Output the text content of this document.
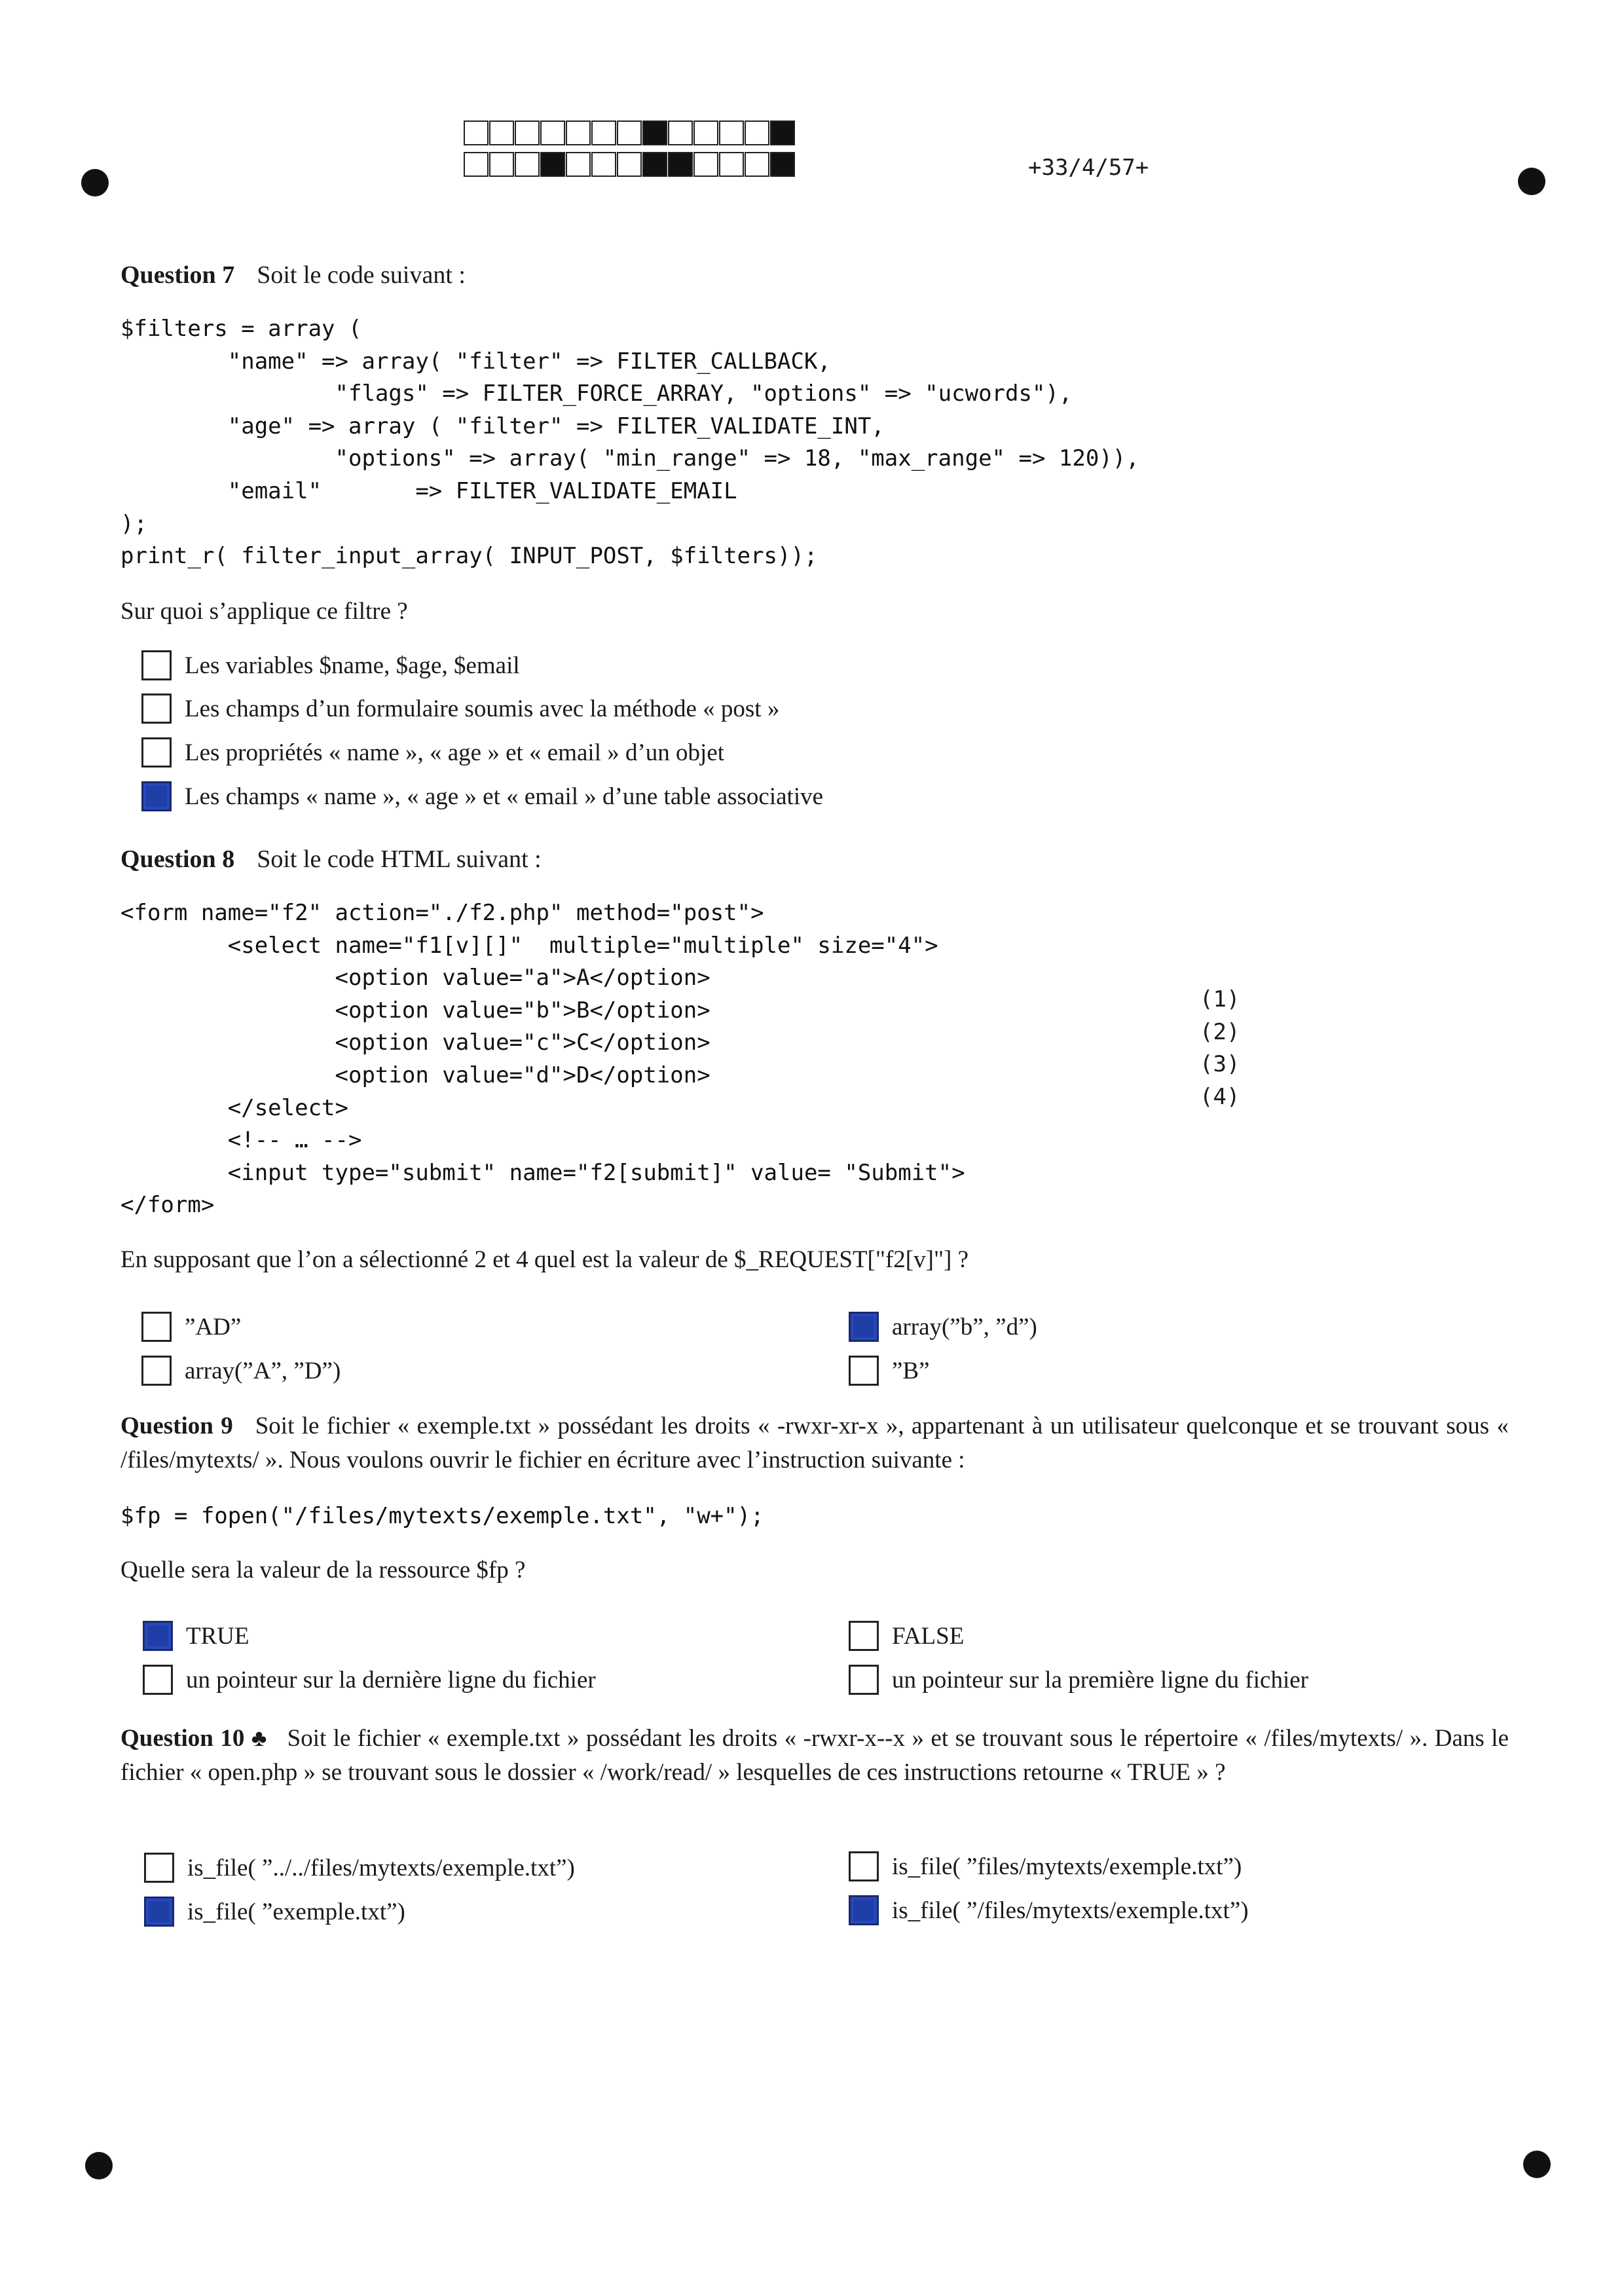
+33/4/57+
Question 7 Soit le code suivant :
$filters = array (
"name" => array( "filter" => FILTER_CALLBACK,
"flags" => FILTER_FORCE_ARRAY, "options" => "ucwords"),
"age" => array ( "filter" => FILTER_VALIDATE_INT,
"options" => array( "min_range" => 18, "max_range" => 120)),
"email"       => FILTER_VALIDATE_EMAIL
);
print_r( filter_input_array( INPUT_POST, $filters));
Sur quoi s’applique ce filtre ?
Les variables $name, $age, $email
Les champs d’un formulaire soumis avec la méthode « post »
Les propriétés « name », « age » et « email » d’un objet
Les champs « name », « age » et « email » d’une table associative
Question 8 Soit le code HTML suivant :
<form name="f2" action="./f2.php" method="post">
<select name="f1[v][]"  multiple="multiple" size="4">
<option value="a">A</option>
<option value="b">B</option>
<option value="c">C</option>
<option value="d">D</option>
</select>
<!-- … -->
<input type="submit" name="f2[submit]" value= "Submit">
</form>
(1)
(2)
(3)
(4)
En supposant que l’on a sélectionné 2 et 4 quel est la valeur de $_REQUEST["f2[v]"] ?
”AD”
array(”A”, ”D”)
array(”b”, ”d”)
”B”
Question 9 Soit le fichier « exemple.txt » possédant les droits « -rwxr-xr-x », appartenant à un utilisateur quelconque et se trouvant sous « /files/mytexts/ ». Nous voulons ouvrir le fichier en écriture avec l’instruction suivante :
$fp = fopen("/files/mytexts/exemple.txt", "w+");
Quelle sera la valeur de la ressource $fp ?
TRUE
un pointeur sur la dernière ligne du fichier
FALSE
un pointeur sur la première ligne du fichier
Question 10 ♣ Soit le fichier « exemple.txt » possédant les droits « -rwxr-x--x » et se trouvant sous le répertoire « /files/mytexts/ ». Dans le fichier « open.php » se trouvant sous le dossier « /work/read/ » lesquelles de ces instructions retourne « TRUE » ?
is_file( ”../../files/mytexts/exemple.txt”)
is_file( ”exemple.txt”)
is_file( ”files/mytexts/exemple.txt”)
is_file( ”/files/mytexts/exemple.txt”)
